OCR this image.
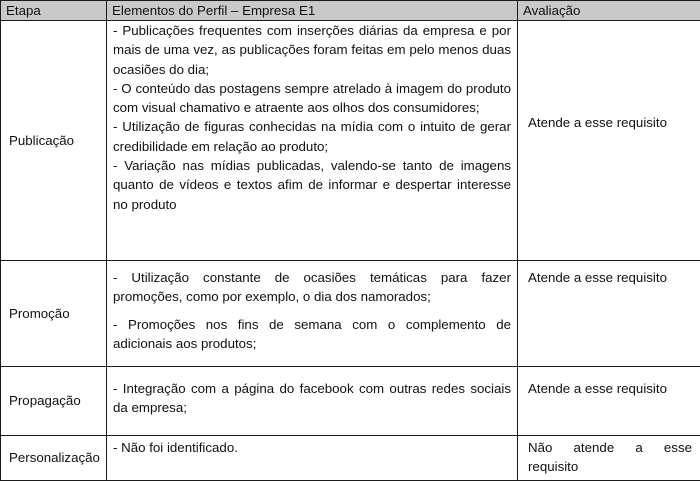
Etapa	Elementos do Perfil – Empresa E1	Avaliação
Publicação	- Publicações frequentes com inserções diárias da empresa e por mais de uma vez, as publicações foram feitas em pelo menos duas ocasiões do dia;

- O conteúdo das postagens sempre atrelado à imagem do produto com visual chamativo e atraente aos olhos dos consumidores;

- Utilização de figuras conhecidas na mídia com o intuito de gerar credibilidade em relação ao produto;

- Variação nas mídias publicadas, valendo-se tanto de imagens quanto de vídeos e textos afim de informar e despertar interesse no produto	Atende a esse requisito
Promoção	- Utilização constante de ocasiões temáticas para fazer promoções, como por exemplo, o dia dos namorados;

- Promoções nos fins de semana com o complemento de adicionais aos produtos;	Atende a esse requisito
Propagação	- Integração com a página do facebook com outras redes sociais da empresa;	Atende a esse requisito
Personalização	- Não foi identificado.	Não atende a esse requisito
